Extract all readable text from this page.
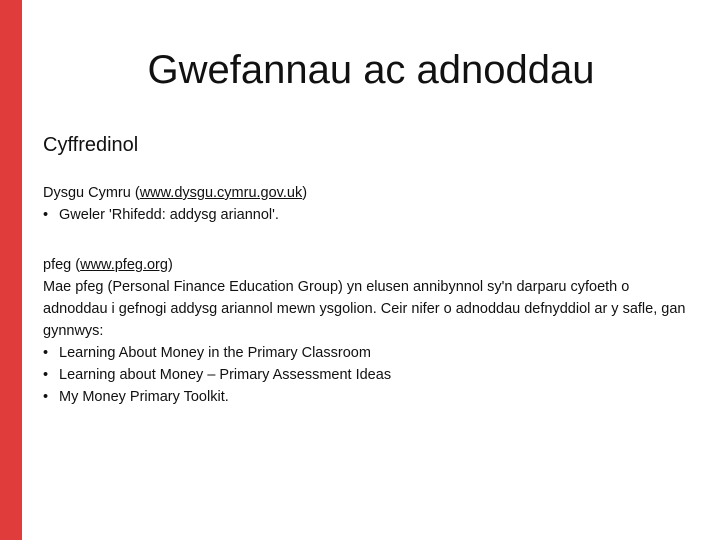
Gwefannau ac adnoddau
Cyffredinol
Dysgu Cymru (www.dysgu.cymru.gov.uk)
• Gweler 'Rhifedd: addysg ariannol'.
pfeg (www.pfeg.org)
Mae pfeg (Personal Finance Education Group) yn elusen annibynnol sy'n darparu cyfoeth o adnoddau i gefnogi addysg ariannol mewn ysgolion. Ceir nifer o adnoddau defnyddiol ar y safle, gan gynnwys:
• Learning About Money in the Primary Classroom
• Learning about Money – Primary Assessment Ideas
• My Money Primary Toolkit.
